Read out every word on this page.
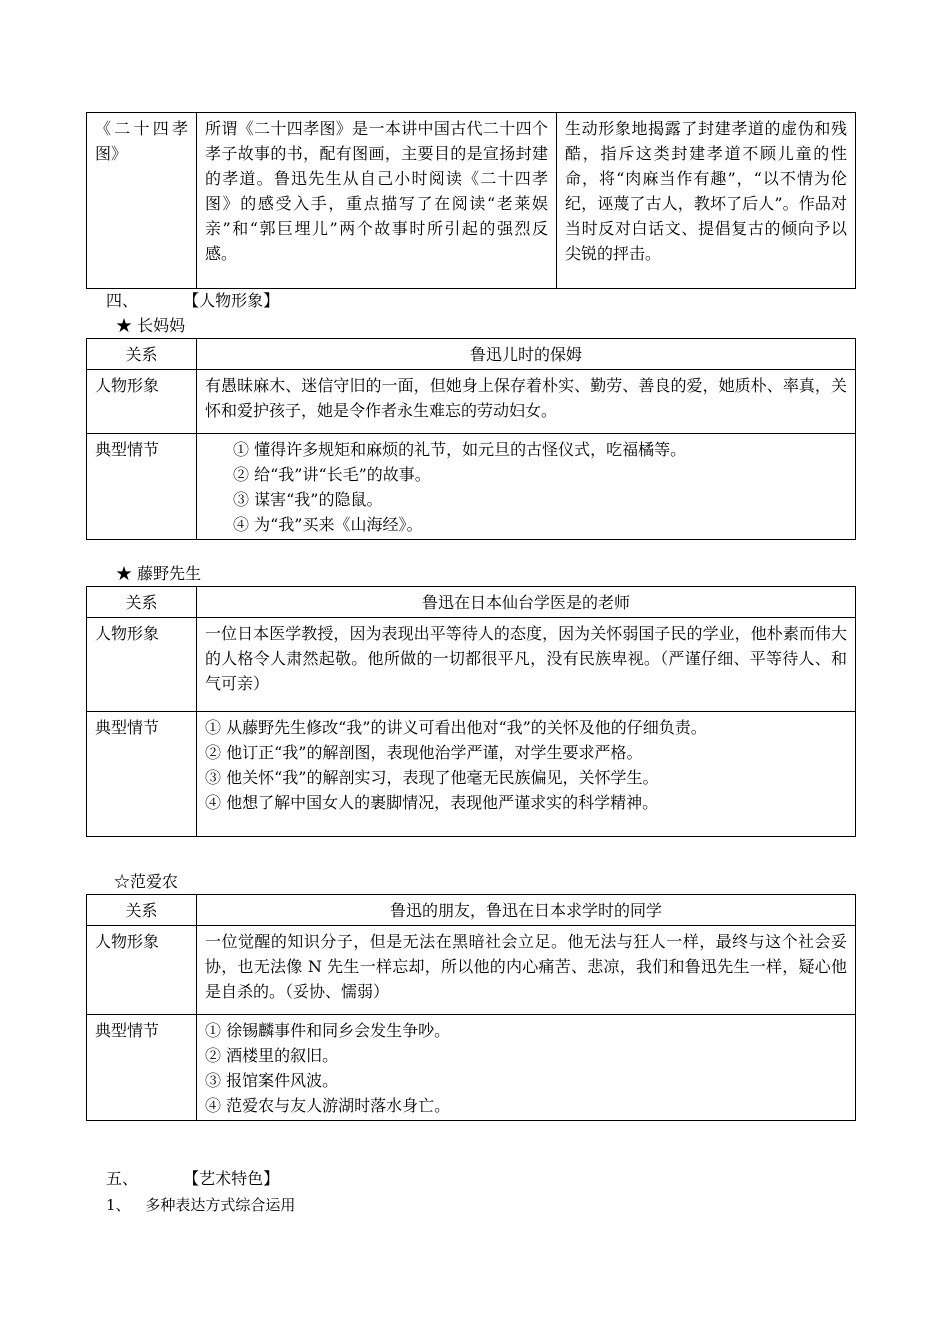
《二十四孝图》	所谓《二十四孝图》是一本讲中国古代二十四个孝子故事的书，配有图画，主要目的是宣扬封建的孝道。鲁迅先生从自己小时阅读《二十四孝图》的感受入手，重点描写了在阅读“老莱娱亲”和“郭巨埋儿”两个故事时所引起的强烈反感。	生动形象地揭露了封建孝道的虚伪和残酷，指斥这类封建孝道不顾儿童的性命，将“肉麻当作有趣”，“以不情为伦纪，诬蔑了古人，教坏了后人”。作品对当时反对白话文、提倡复古的倾向予以尖锐的抨击。
四、	【人物形象】
★ 长妈妈
关系	鲁迅儿时的保姆
人物形象	有愚昧麻木、迷信守旧的一面，但她身上保存着朴实、勤劳、善良的爱，她质朴、率真，关怀和爱护孩子，她是令作者永生难忘的劳动妇女。
典型情节	① 懂得许多规矩和麻烦的礼节，如元旦的古怪仪式，吃福橘等。
② 给“我”讲“长毛”的故事。
③ 谋害“我”的隐鼠。
④ 为“我”买来《山海经》。
★ 藤野先生
关系	鲁迅在日本仙台学医是的老师
人物形象	一位日本医学教授，因为表现出平等待人的态度，因为关怀弱国子民的学业，他朴素而伟大的人格令人肃然起敬。他所做的一切都很平凡，没有民族卑视。（严谨仔细、平等待人、和气可亲）
典型情节	① 从藤野先生修改“我”的讲义可看出他对“我”的关怀及他的仔细负责。
② 他订正“我”的解剖图，表现他治学严谨，对学生要求严格。
③ 他关怀“我”的解剖实习，表现了他毫无民族偏见，关怀学生。
④ 他想了解中国女人的裹脚情况，表现他严谨求实的科学精神。
☆范爱农
关系	鲁迅的朋友，鲁迅在日本求学时的同学
人物形象	一位觉醒的知识分子，但是无法在黑暗社会立足。他无法与狂人一样，最终与这个社会妥协，也无法像 N 先生一样忘却，所以他的内心痛苦、悲凉，我们和鲁迅先生一样，疑心他是自杀的。（妥协、懦弱）
典型情节	① 徐锡麟事件和同乡会发生争吵。
② 酒楼里的叙旧。
③ 报馆案件风波。
④ 范爱农与友人游湖时落水身亡。
五、	【艺术特色】
1、 多种表达方式综合运用
